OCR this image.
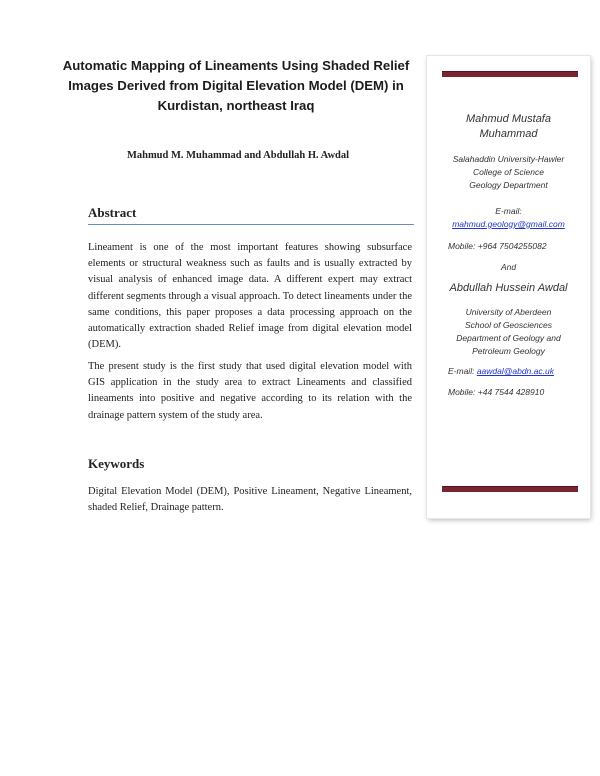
Automatic Mapping of Lineaments Using Shaded Relief
Images Derived from Digital Elevation Model (DEM) in
Kurdistan, northeast Iraq
Mahmud M. Muhammad and Abdullah H. Awdal
Abstract
Lineament is one of the most important features showing subsurface elements or structural weakness such as faults and is usually extracted by visual analysis of enhanced image data. A different expert may extract different segments through a visual approach. To detect lineaments under the same conditions, this paper proposes a data processing approach on the automatically extraction shaded Relief image from digital elevation model (DEM).
The present study is the first study that used digital elevation model with GIS application in the study area to extract Lineaments and classified lineaments into positive and negative according to its relation with the drainage pattern system of the study area.
Keywords
Digital Elevation Model (DEM), Positive Lineament, Negative Lineament, shaded Relief, Drainage pattern.
Mahmud Mustafa
Muhammad
Salahaddin University-Hawler
College of Science
Geology Department
E-mail:
mahmud.geology@gmail.com
Mobile: +964 7504255082
And
Abdullah Hussein Awdal
University of Aberdeen
School of Geosciences
Department of Geology and
Petroleum Geology
E-mail: aawdal@abdn.ac.uk
Mobile: +44 7544 428910
